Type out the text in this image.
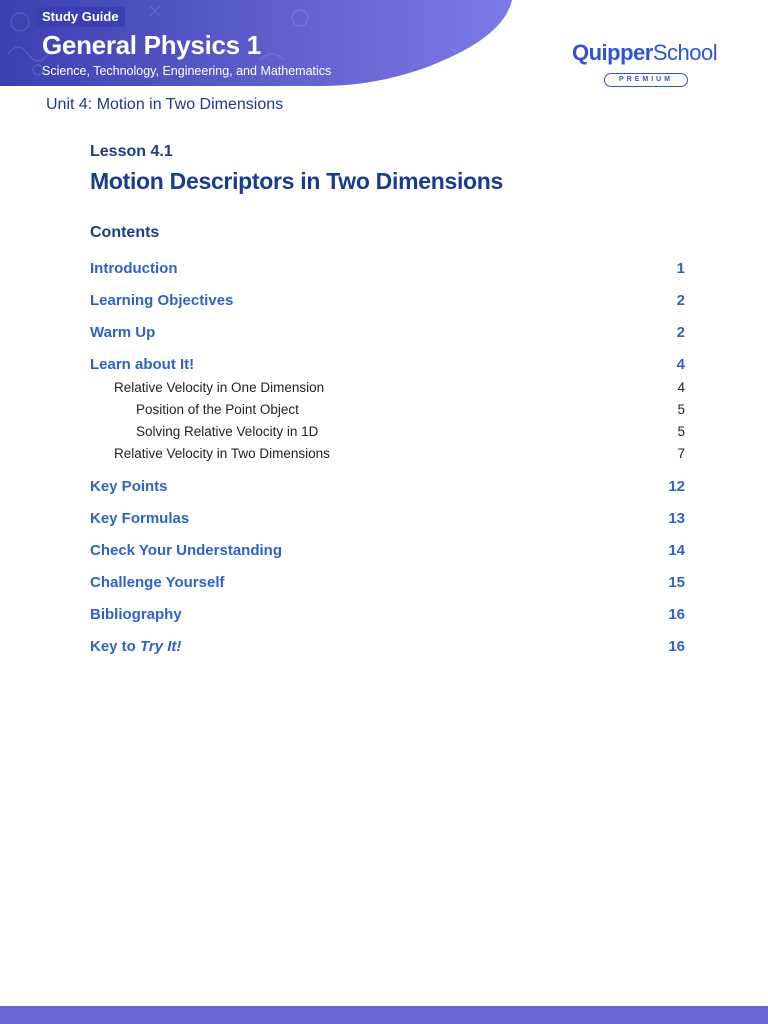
Study Guide
General Physics 1
Science, Technology, Engineering, and Mathematics
QuipperSchool
PREMIUM
Unit 4: Motion in Two Dimensions
Lesson 4.1
Motion Descriptors in Two Dimensions
Contents
Introduction	1
Learning Objectives	2
Warm Up	2
Learn about It!	4
Relative Velocity in One Dimension	4
Position of the Point Object	5
Solving Relative Velocity in 1D	5
Relative Velocity in Two Dimensions	7
Key Points	12
Key Formulas	13
Check Your Understanding	14
Challenge Yourself	15
Bibliography	16
Key to Try It!	16
